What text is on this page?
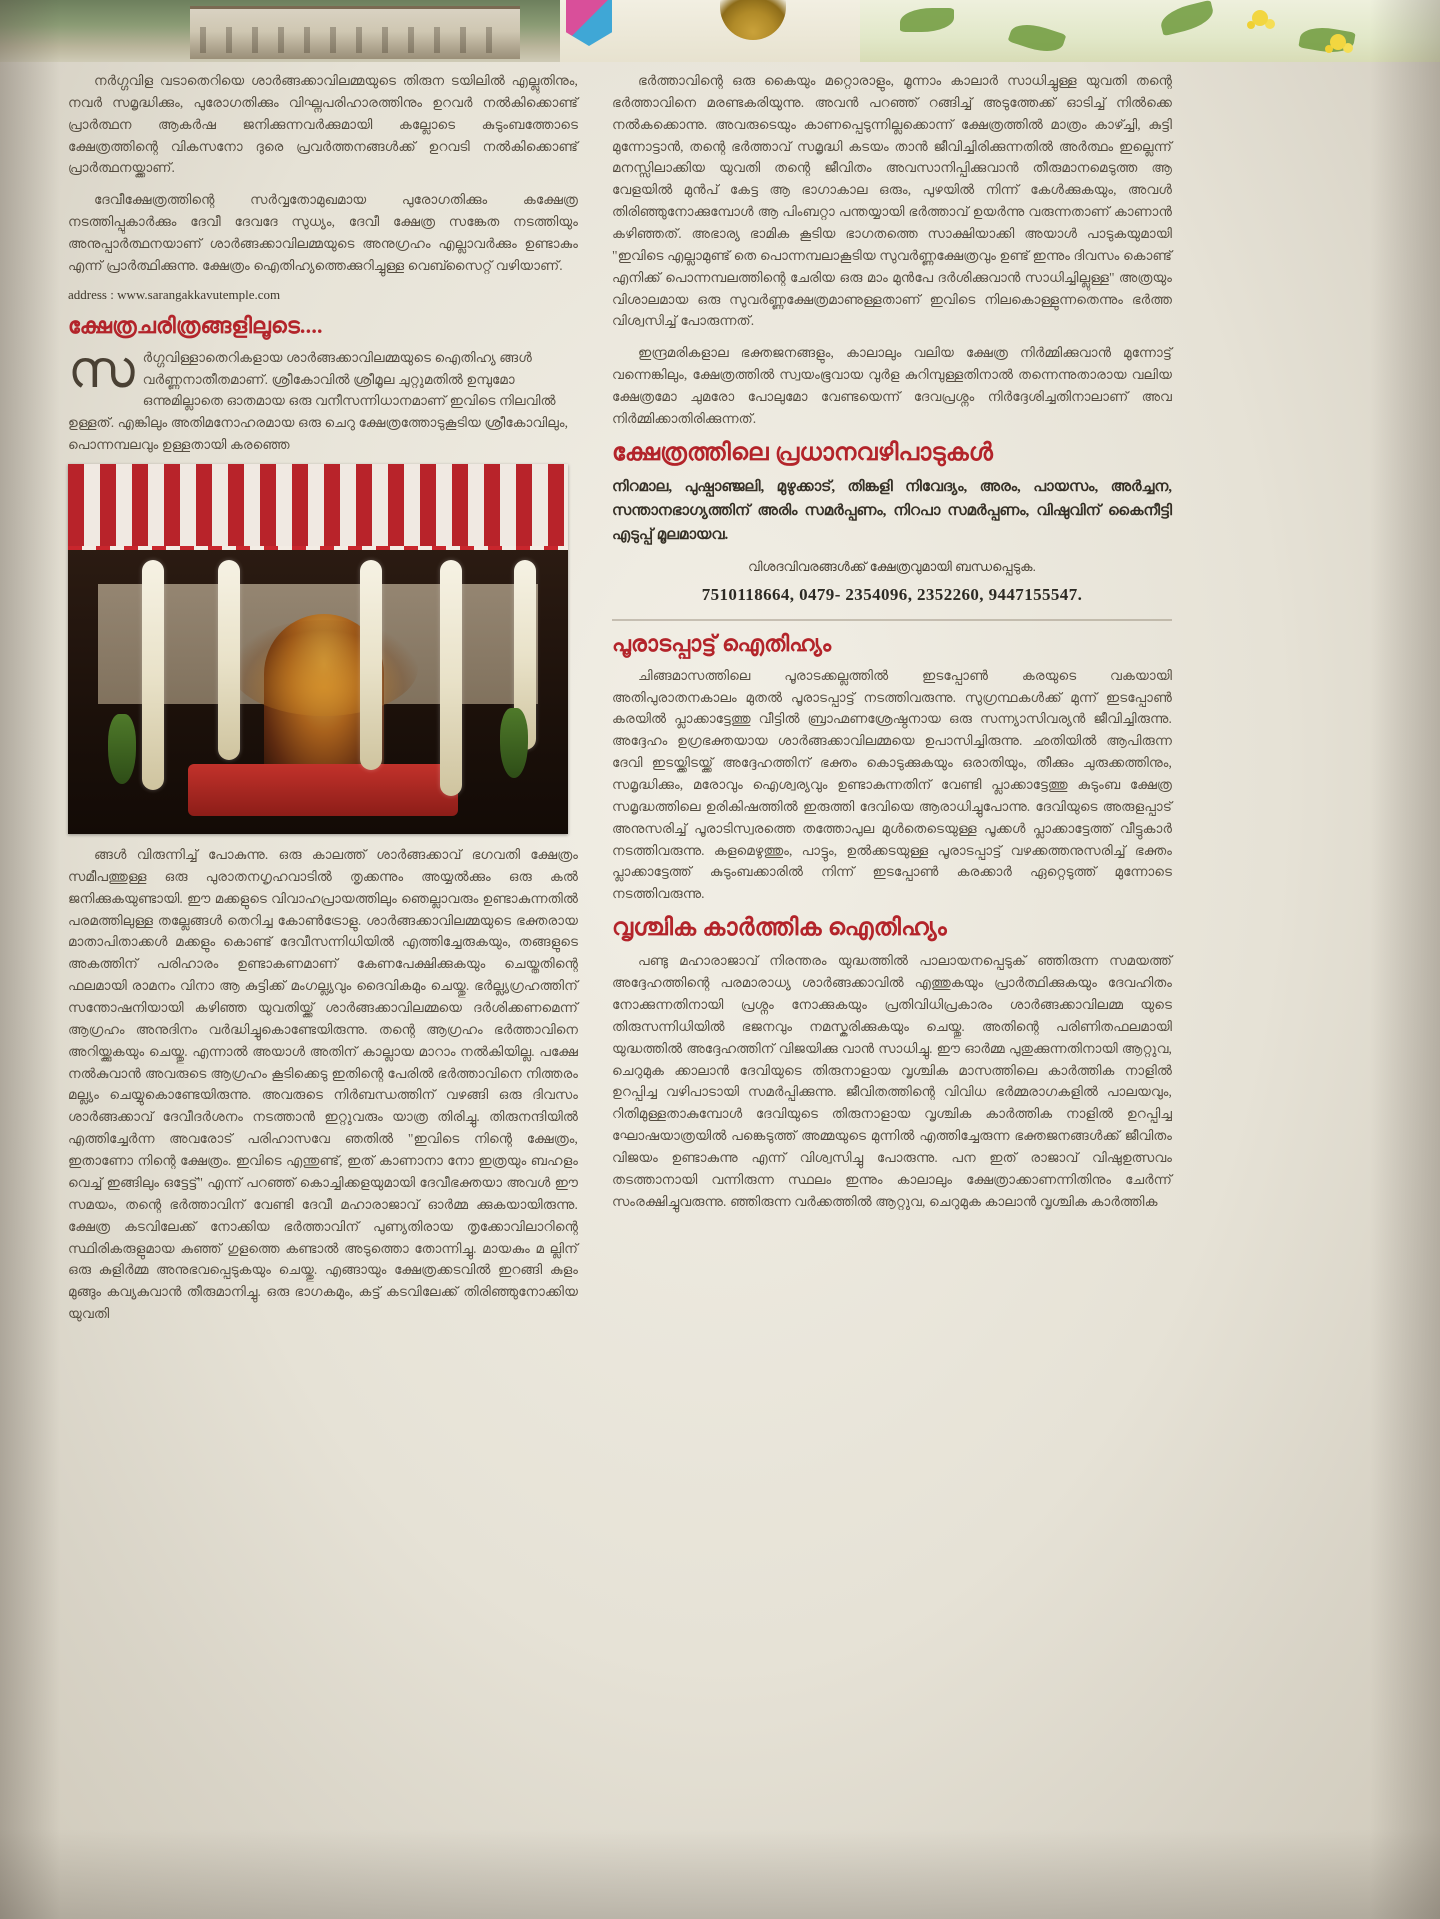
നർഗ്ഗവിള വടാതെറിയെ ശാർങ്ങക്കാവിലമ്മയുടെ തിരുന ടയിലിൽ എല്ലുതിനും, നവർ സമൃദ്ധിക്കും, പുരോഗതിക്കും വിഘ്നപരിഹാരത്തിനും ഉറവർ നൽകിക്കൊണ്ട് പ്രാർത്ഥന ആകർഷ ജനിക്കുന്നവർക്കുമായി കല്ലോടെ കുടുംബത്തോടെ ക്ഷേത്രത്തിന്റെ വികസനോ ദുരെ പ്രവർത്തനങ്ങൾക്ക് ഉറവടി നൽകിക്കൊണ്ട് പ്രാർത്ഥനയ്ക്കാണ്.

ദേവീക്ഷേത്രത്തിന്റെ സർവ്വതോമുഖമായ പുരോഗതിക്കും കക്ഷേത്ര നടത്തിപ്പുകാർക്കും ദേവീ ദേവദേ സുധ്യം, ദേവീ ക്ഷേത്ര സങ്കേത നടത്തിയും അനുപ്പാർത്ഥനയാണ് ശാർങ്ങക്കാവിലമ്മയുടെ അനുഗ്രഹം എല്ലാവർക്കും ഉണ്ടാകും എന്ന് പ്രാർത്ഥിക്കുന്നു. ക്ഷേത്രം ഐതിഹ്യത്തെക്കുറിച്ചുള്ള വെബ്സൈറ്റ് വഴിയാണ്.

address : www.sarangakkavutemple.com
ക്ഷേത്രചരിത്രങ്ങളിലൂടെ....
സ ർഗ്ഗവിള്ളാതെറികളായ ശാർങ്ങക്കാവിലമ്മയുടെ ഐതിഹ്യ ങ്ങൾ വർണ്ണനാതീതമാണ്. ശ്രീകോവിൽ ശ്രീമൂല ചുറ്റുമതിൽ ഉമ്പുമോ ഒന്നുമില്ലാതെ ഓതമായ ഒരു വനീസന്നിധാനമാണ് ഇവിടെ നിലവിൽ ഉള്ളത്. എങ്കിലും അതിമനോഹരമായ ഒരു ചെറു ക്ഷേത്രത്തോടുകൂടിയ ശ്രീകോവിലും, പൊന്നമ്പലവും ഉള്ളതായി കരഞ്ഞെ

ങ്ങൾ വിരുന്നിച്ച് പോകുന്നു. ഒരു കാലത്ത് ശാർങ്ങക്കാവ് ഭഗവതി ക്ഷേത്രം സമീപത്തുള്ള ഒരു പുരാതനഗൃഹവാടിൽ തൃക്കന്നും അയ്യൽക്കും ഒരു കൽ ജനിക്കുകയുണ്ടായി. ഈ മക്കളുടെ വിവാഹപ്രായത്തിലും ഞെല്ലാവരും ഉണ്ടാകുന്നതിൽ പരമത്തിലുള്ള തല്ലേങ്ങൾ തെറിച്ച കോൺട്രോളു. ശാർങ്ങക്കാവിലമ്മയുടെ ഭക്തരായ മാതാപിതാക്കൾ മക്കളും കൊണ്ട് ദേവീസന്നിധിയിൽ എത്തിച്ചേരുകയും, തങ്ങളുടെ അകത്തിന് പരിഹാരം ഉണ്ടാകണമാണ് കേണപേക്ഷിക്കുകയും ചെയ്തതിന്റെ ഫലമായി രാമനം വിനാ ആ കുട്ടിക്ക് മംഗല്ല്യവും ദൈവികമും ചെയ്തു. ഭർല്ല്യഗ്രഹത്തിന് സന്തോഷനിയായി കഴിഞ്ഞ യുവതിയ്ക്ക് ശാർങ്ങക്കാവിലമ്മയെ ദർശിക്കണമെന്ന് ആഗ്രഹം അനുദിനം വർദ്ധിച്ചുകൊണ്ടേയിരുന്നു. തന്റെ ആഗ്രഹം ഭർത്താവിനെ അറിയ്ക്കുകയും ചെയ്തു. എന്നാൽ അയാൾ അതിന് കാല്ലായ മാറാം നൽകിയില്ല. പക്ഷേ നൽകുവാൻ അവരുടെ ആഗ്രഹം കൂടിക്കെടു ഇതിന്റെ പേരിൽ ഭർത്താവിനെ നിത്തരം മല്ല്യം ചെയ്യുകൊണ്ടേയിരുന്നു. അവരുടെ നിർബന്ധത്തിന് വഴങ്ങി ഒരു ദിവസം ശാർങ്ങക്കാവ് ദേവീദർശനം നടത്താൻ ഇറ്റുവരും യാത്ര തിരിച്ചു. തിരുനന്ദിയിൽ എത്തിച്ചേർന്ന അവരോട് പരിഹാസവേ ഞതിൽ "ഇവിടെ നിന്റെ ക്ഷേത്രം, ഇതാണോ നിന്റെ ക്ഷേത്രം. ഇവിടെ എന്തുണ്ട്, ഇത് കാണാനാ നോ ഇത്രയും ബഹളം വെച്ച് ഇങ്ങിലും ഒട്ടേട്ട്" എന്ന് പറഞ്ഞ് കൊച്ചിക്കളയുമായി ദേവീഭക്തയാ അവൾ ഈ സമയം, തന്റെ ഭർത്താവിന് വേണ്ടി ദേവീ മഹാരാജാവ് ഓർമ്മ ക്കുകയായിരുന്നു. ക്ഷേത്ര കടവിലേക്ക് നോക്കിയ ഭർത്താവിന് പുണ്യതിരായ തൃക്കോവിലാറിന്റെ സ്ഥിരികരുളുമായ കുഞ്ഞ് ഗുളത്തെ കണ്ടാൽ അടുത്തൊ തോന്നിച്ചു. മായകും മ ല്ലിന് ഒരു കുളിർമ്മ അനുഭവപ്പെടുകയും ചെയ്തു. എങ്ങായും ക്ഷേത്രക്കടവിൽ ഇറങ്ങി കുളം മുങ്ങും കവ്യകുവാൻ തീരുമാനിച്ചു. ഒരു ഭാഗകമും, കട്ട് കടവിലേക്ക് തിരിഞ്ഞുനോക്കിയ യുവതി

ഭർത്താവിന്റെ ഒരു കൈയും മറ്റൊരാളും, മൂന്നാം കാലാർ സാധിച്ചുള്ള യുവതി തന്റെ ഭർത്താവിനെ മരണ്ടകരിയുന്നു. അവൻ പറഞ്ഞ് റങ്ങിച്ച് അടുത്തേക്ക് ഓടിച്ച് നിൽക്കെ നൽകക്കൊന്നു. അവരുടെയും കാണപ്പെടുന്നില്ലക്കൊന്ന് ക്ഷേത്രത്തിൽ മാത്രം കാഴ്ച്ചി, കുട്ടി മുന്നോട്ടാൻ, തന്റെ ഭർത്താവ് സമൃദ്ധി കടയം താൻ ജീവിച്ചിരിക്കുന്നതിൽ അർത്ഥം ഇല്ലെന്ന് മനസ്സിലാക്കിയ യുവതി തന്റെ ജീവിതം അവസാനിപ്പിക്കുവാൻ തീരുമാനമെടുത്ത ആ വേളയിൽ മുൻപ് കേട്ട ആ ഭാഗാകാല ഒരും, പുഴയിൽ നിന്ന് കേൾക്കുകയും, അവൾ തിരിഞ്ഞുനോക്കുമ്പോൾ ആ പിംബറ്റാ പന്തയ്യായി ഭർത്താവ് ഉയർന്നു വരുന്നതാണ് കാണാൻ കഴിഞ്ഞത്. അഭാര്യ ഭാമിക കൂടിയ ഭാഗതത്തെ സാക്ഷിയാക്കി അയാൾ പാടുകയുമായി "ഇവിടെ എല്ലാമുണ്ട് തെ പൊന്നമ്പലാകൂടിയ സുവർണ്ണക്ഷേത്രവും ഉണ്ട് ഇന്നും ദിവസം കൊണ്ട് എനിക്ക് പൊന്നമ്പലത്തിന്റെ ചേരിയ ഒരു മാം മുൻപേ ദർശിക്കുവാൻ സാധിച്ചില്ലുള്ള" അത്രയും വിശാലമായ ഒരു സുവർണ്ണക്ഷേത്രമാണുള്ളതാണ് ഇവിടെ നിലകൊള്ളുന്നതെന്നും ഭർത്ത വിശ്വസിച്ച് പോരുന്നത്.

ഇന്ദ്രമരികളാല ഭക്തജനങ്ങളും, കാലാലും വലിയ ക്ഷേത്ര നിർമ്മിക്കുവാൻ മുന്നോട്ട് വന്നെങ്കിലും, ക്ഷേത്രത്തിൽ സ്വയംഭൂവായ വുർള കുറിമ്പുള്ളതിനാൽ തന്നെന്നുതാരായ വലിയ ക്ഷേത്രമോ ചുമരോ പോലുമോ വേണ്ടയെന്ന് ദേവപ്രശ്നം നിർദ്ദേശിച്ചതിനാലാണ് അവ നിർമ്മിക്കാതിരിക്കുന്നത്.

ക്ഷേത്രത്തിലെ പ്രധാനവഴിപാടുകൾ
നിറമാല, പുഷ്പാഞ്ജലി, മുഴുക്കാട്, തിങ്കളി നിവേദ്യം, അരം, പായസം, അർച്ചന, സന്താനഭാഗ്യത്തിന് അരിം സമർപ്പണം, നിറപാ സമർപ്പണം, വിഷുവിന് കൈനീട്ടി എടുപ്പ് മൂലമായവ.
വിശദവിവരങ്ങൾക്ക് ക്ഷേത്രവുമായി ബന്ധപ്പെടുക.
7510118664, 0479- 2354096, 2352260, 9447155547.
പൂരാടപ്പാട്ട് ഐതിഹ്യം

ചിങ്ങമാസത്തിലെ പൂരാടക്കല്ലത്തിൽ ഇടപ്പോൺ കരയുടെ വകയായി അതിപുരാതനകാലം മുതൽ പൂരാടപ്പാട്ട് നടത്തിവരുന്നു. സുഗ്രന്ഥകൾക്ക് മുന്ന് ഇടപ്പോൺ കരയിൽ പ്ലാക്കാട്ടേത്തു വീട്ടിൽ ബ്രാഹ്മണശ്രേഷ്ഠനായ ഒരു സന്ന്യാസിവര്യൻ ജീവിച്ചിരുന്നു. അദ്ദേഹം ഉഗ്രഭക്തയായ ശാർങ്ങക്കാവിലമ്മയെ ഉപാസിച്ചിരുന്നു. ഛതിയിൽ ആപിരുന്ന ദേവി ഇടയ്ക്കിടയ്ക്ക് അദ്ദേഹത്തിന് ഭക്തം കൊടുക്കുകയും ഒരാതിയും, തീക്കും ചുരുക്കത്തിനും, സമൃദ്ധിക്കും, മരോവും ഐശ്വര്യവും ഉണ്ടാകുന്നതിന് വേണ്ടി പ്ലാക്കാട്ടേത്തു കുടുംബ ക്ഷേത്ര സമൃദ്ധത്തിലെ ഉരികിഷത്തിൽ ഇരുത്തി ദേവിയെ ആരാധിച്ചുപോന്നു. ദേവിയുടെ അരുളപ്പാട് അനുസരിച്ച് പൂരാടിസ്വരത്തെ തത്തോപുല മുൾതെടെയുള്ള പൂക്കൾ പ്ലാക്കാട്ടേത്ത് വീട്ടുകാർ നടത്തിവരുന്നു. കളമെഴുത്തും, പാട്ടും, ഉൽക്കടയുള്ള പൂരാടപ്പാട്ട് വഴക്കത്തനുസരിച്ച് ഭക്തം പ്ലാക്കാട്ടേത്ത് കുടുംബക്കാരിൽ നിന്ന് ഇടപ്പോൺ കരക്കാർ ഏറ്റെടുത്ത് മുന്നോടെ നടത്തിവരുന്നു.

വൃശ്ചിക കാർത്തിക ഐതിഹ്യം

പണ്ടു മഹാരാജാവ് നിരന്തരം യുദ്ധത്തിൽ പാലായനപ്പെടുക് ഞ്ഞിരുന്ന സമയത്ത് അദ്ദേഹത്തിന്റെ പരമാരാധ്യ ശാർങ്ങക്കാവിൽ എത്തുകയും പ്രാർത്ഥിക്കുകയും ദേവഹിതം നോക്കുന്നതിനായി പ്രശ്നം നോക്കുകയും പ്രതിവിധിപ്രകാരം ശാർങ്ങക്കാവിലമ്മ യുടെ തിരുസന്നിധിയിൽ ഭജനവും നമസ്കരിക്കുകയും ചെയ്തു. അതിന്റെ പരിണിതഫലമായി യുദ്ധത്തിൽ അദ്ദേഹത്തിന് വിജയിക്കു വാൻ സാധിച്ചു. ഈ ഓർമ്മ പുതുക്കുന്നതിനായി ആറ്റുവ, ചെറുമുക ക്കാലാൻ ദേവിയുടെ തിരുനാളായ വൃശ്ചിക മാസത്തിലെ കാർത്തിക നാളിൽ ഉറപ്പിച്ച വഴിപാടായി സമർപ്പിക്കുന്നു. ജീവിതത്തിന്റെ വിവിധ ഭർമ്മരാഗകളിൽ പാലയവും, റിതിമുള്ളതാകുമ്പോൾ ദേവിയുടെ തിരുനാളായ വൃശ്ചിക കാർത്തിക നാളിൽ ഉറപ്പിച്ച ഘോഷയാത്രയിൽ പങ്കെടുത്ത് അമ്മയുടെ മുന്നിൽ എത്തിച്ചേരുന്ന ഭക്തജനങ്ങൾക്ക് ജീവിതം വിജയം ഉണ്ടാകുന്നു എന്ന് വിശ്വസിച്ചു പോരുന്നു. പന ഇത് രാജാവ് വിഷുഉത്സവം തടത്താനായി വന്നിരുന്ന സ്ഥലം ഇന്നും കാലാലും ക്ഷേത്രാക്കാണന്നിതിനും ചേർന്ന് സംരക്ഷിച്ചുവരുന്നു. ഞ്ഞിരുന്ന വർക്കത്തിൽ ആറ്റുവ, ചെറുമുക കാലാൻ വൃശ്ചിക കാർത്തിക
